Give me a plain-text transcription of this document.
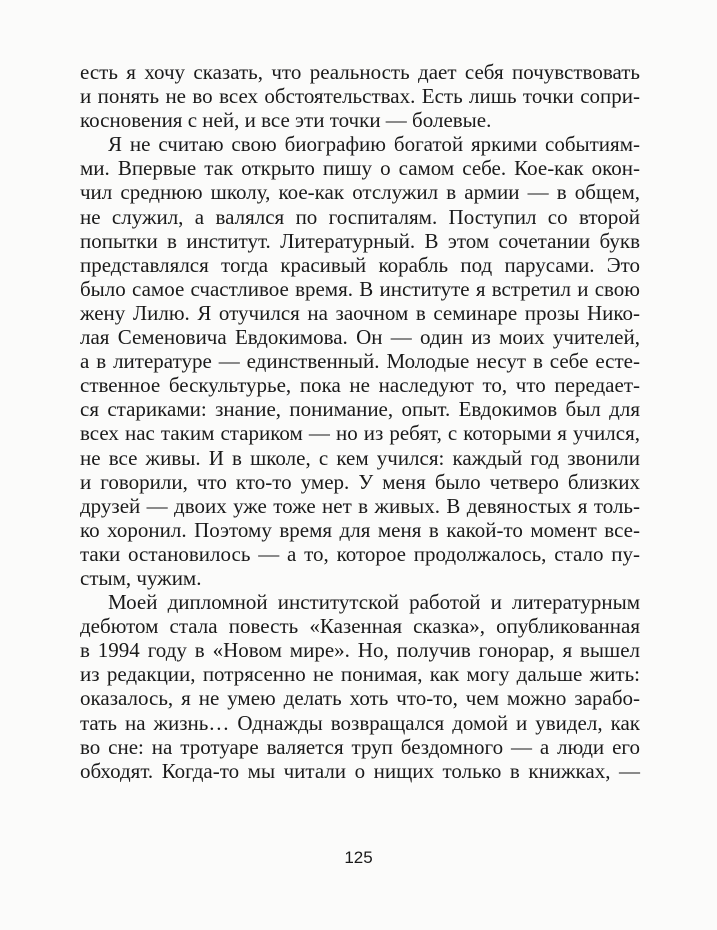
есть я хочу сказать, что реальность дает себя почувствовать
и понять не во всех обстоятельствах. Есть лишь точки сопри-
косновения с ней, и все эти точки — болевые.
Я не считаю свою биографию богатой яркими событиям-
ми. Впервые так открыто пишу о самом себе. Кое-как окон-
чил среднюю школу, кое-как отслужил в армии — в общем,
не служил, а валялся по госпиталям. Поступил со второй
попытки в институт. Литературный. В этом сочетании букв
представлялся тогда красивый корабль под парусами. Это
было самое счастливое время. В институте я встретил и свою
жену Лилю. Я отучился на заочном в семинаре прозы Нико-
лая Семеновича Евдокимова. Он — один из моих учителей,
а в литературе — единственный. Молодые несут в себе есте-
ственное бескультурье, пока не наследуют то, что передает-
ся стариками: знание, понимание, опыт. Евдокимов был для
всех нас таким стариком — но из ребят, с которыми я учился,
не все живы. И в школе, с кем учился: каждый год звонили
и говорили, что кто-то умер. У меня было четверо близких
друзей — двоих уже тоже нет в живых. В девяностых я толь-
ко хоронил. Поэтому время для меня в какой-то момент все-
таки остановилось — а то, которое продолжалось, стало пу-
стым, чужим.
Моей дипломной институтской работой и литературным
дебютом стала повесть «Казенная сказка», опубликованная
в 1994 году в «Новом мире». Но, получив гонорар, я вышел
из редакции, потрясенно не понимая, как могу дальше жить:
оказалось, я не умею делать хоть что-то, чем можно зарабо-
тать на жизнь… Однажды возвращался домой и увидел, как
во сне: на тротуаре валяется труп бездомного — а люди его
обходят. Когда-то мы читали о нищих только в книжках, —
125
